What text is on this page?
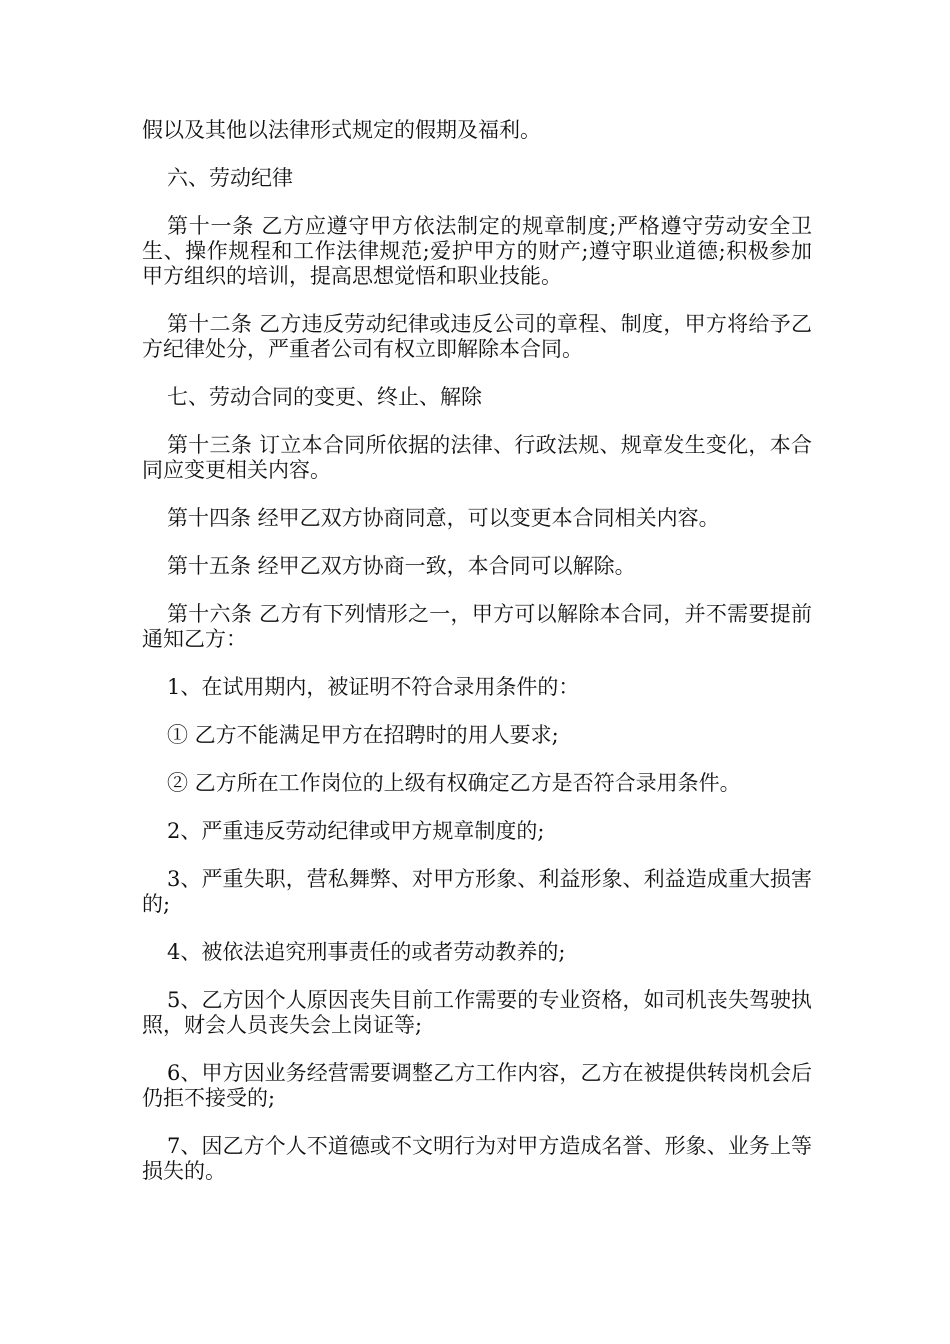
假以及其他以法律形式规定的假期及福利。

六、劳动纪律

第十一条 乙方应遵守甲方依法制定的规章制度;严格遵守劳动安全卫生、操作规程和工作法律规范;爱护甲方的财产;遵守职业道德;积极参加甲方组织的培训，提高思想觉悟和职业技能。

第十二条 乙方违反劳动纪律或违反公司的章程、制度，甲方将给予乙方纪律处分，严重者公司有权立即解除本合同。

七、劳动合同的变更、终止、解除

第十三条 订立本合同所依据的法律、行政法规、规章发生变化，本合同应变更相关内容。

第十四条 经甲乙双方协商同意，可以变更本合同相关内容。

第十五条 经甲乙双方协商一致，本合同可以解除。

第十六条 乙方有下列情形之一，甲方可以解除本合同，并不需要提前通知乙方：

1、在试用期内，被证明不符合录用条件的：

① 乙方不能满足甲方在招聘时的用人要求;

② 乙方所在工作岗位的上级有权确定乙方是否符合录用条件。

2、严重违反劳动纪律或甲方规章制度的;

3、严重失职，营私舞弊、对甲方形象、利益形象、利益造成重大损害的;

4、被依法追究刑事责任的或者劳动教养的;

5、乙方因个人原因丧失目前工作需要的专业资格，如司机丧失驾驶执照，财会人员丧失会上岗证等;

6、甲方因业务经营需要调整乙方工作内容，乙方在被提供转岗机会后仍拒不接受的;

7、因乙方个人不道德或不文明行为对甲方造成名誉、形象、业务上等损失的。
